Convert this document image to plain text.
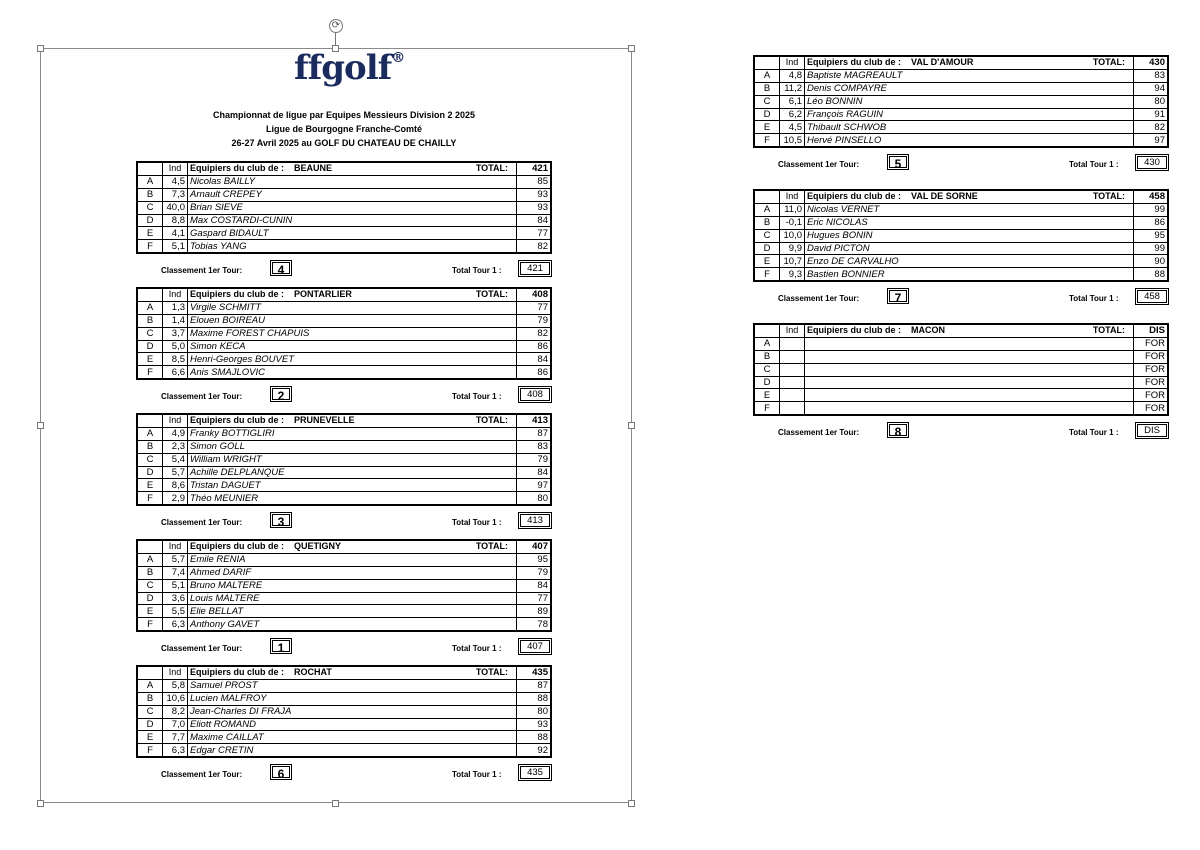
⟳
ffgolf®
Championnat de ligue par Equipes Messieurs Division 2 2025
Ligue de Bourgogne Franche-Comté
26-27 Avril 2025 au GOLF DU CHATEAU DE CHAILLY
	Ind	Equipiers du club de : BEAUNE TOTAL:	421
A	4,5	Nicolas BAILLY	85
B	7,3	Arnault CREPEY	93
C	40,0	Brian SIEVE	93
D	8,8	Max COSTARDI-CUNIN	84
E	4,1	Gaspard BIDAULT	77
F	5,1	Tobias YANG	82
Classement 1er Tour:	4	Total Tour 1 :	421
	Ind	Equipiers du club de : PONTARLIER TOTAL:	408
A	1,3	Virgile SCHMITT	77
B	1,4	Elouen BOIREAU	79
C	3,7	Maxime FOREST CHAPUIS	82
D	5,0	Simon KECA	86
E	8,5	Henri-Georges BOUVET	84
F	6,6	Anis SMAJLOVIC	86
Classement 1er Tour:	2	Total Tour 1 :	408
	Ind	Equipiers du club de : PRUNEVELLE TOTAL:	413
A	4,9	Franky BOTTIGLIRI	87
B	2,3	Simon GOLL	83
C	5,4	William WRIGHT	79
D	5,7	Achille DELPLANQUE	84
E	8,6	Tristan DAGUET	97
F	2,9	Théo MEUNIER	80
Classement 1er Tour:	3	Total Tour 1 :	413
	Ind	Equipiers du club de : QUETIGNY TOTAL:	407
A	5,7	Emile RENIA	95
B	7,4	Ahmed DARIF	79
C	5,1	Bruno MALTERE	84
D	3,6	Louis MALTERE	77
E	5,5	Elie BELLAT	89
F	6,3	Anthony GAVET	78
Classement 1er Tour:	1	Total Tour 1 :	407
	Ind	Equipiers du club de : ROCHAT TOTAL:	435
A	5,8	Samuel PROST	87
B	10,6	Lucien MALFROY	88
C	8,2	Jean-Charles DI FRAJA	80
D	7,0	Eliott ROMAND	93
E	7,7	Maxime CAILLAT	88
F	6,3	Edgar CRETIN	92
Classement 1er Tour:	6	Total Tour 1 :	435
	Ind	Equipiers du club de : VAL D'AMOUR TOTAL:	430
A	4,8	Baptiste MAGREAULT	83
B	11,2	Denis COMPAYRE	94
C	6,1	Léo BONNIN	80
D	6,2	François RAGUIN	91
E	4,5	Thibault SCHWOB	82
F	10,5	Hervé PINSELLO	97
Classement 1er Tour:	5	Total Tour 1 :	430
	Ind	Equipiers du club de : VAL DE SORNE TOTAL:	458
A	11,0	Nicolas VERNET	99
B	-0,1	Eric NICOLAS	86
C	10,0	Hugues BONIN	95
D	9,9	David PICTON	99
E	10,7	Enzo DE CARVALHO	90
F	9,3	Bastien BONNIER	88
Classement 1er Tour:	7	Total Tour 1 :	458
	Ind	Equipiers du club de : MACON TOTAL:	DIS
A			FOR
B			FOR
C			FOR
D			FOR
E			FOR
F			FOR
Classement 1er Tour:	8	Total Tour 1 :	DIS
